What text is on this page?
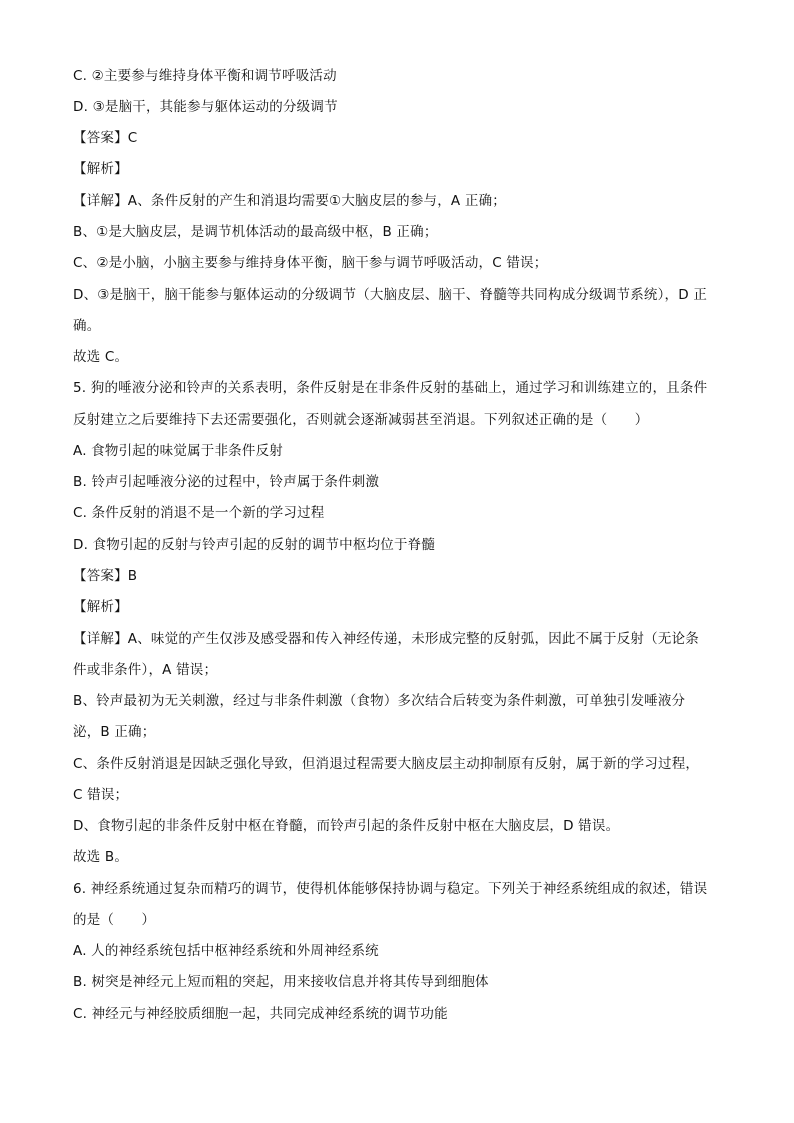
C. ②主要参与维持身体平衡和调节呼吸活动
D. ③是脑干，其能参与躯体运动的分级调节
【答案】C
【解析】
【详解】A、条件反射的产生和消退均需要①大脑皮层的参与，A 正确；
B、①是大脑皮层，是调节机体活动的最高级中枢，B 正确；
C、②是小脑，小脑主要参与维持身体平衡，脑干参与调节呼吸活动，C 错误；
D、③是脑干，脑干能参与躯体运动的分级调节（大脑皮层、脑干、脊髓等共同构成分级调节系统），D 正
确。
故选 C。
5. 狗的唾液分泌和铃声的关系表明，条件反射是在非条件反射的基础上，通过学习和训练建立的，且条件
反射建立之后要维持下去还需要强化，否则就会逐渐减弱甚至消退。下列叙述正确的是（　　）
A. 食物引起的味觉属于非条件反射
B. 铃声引起唾液分泌的过程中，铃声属于条件刺激
C. 条件反射的消退不是一个新的学习过程
D. 食物引起的反射与铃声引起的反射的调节中枢均位于脊髓
【答案】B
【解析】
【详解】A、味觉的产生仅涉及感受器和传入神经传递，未形成完整的反射弧，因此不属于反射（无论条
件或非条件），A 错误；
B、铃声最初为无关刺激，经过与非条件刺激（食物）多次结合后转变为条件刺激，可单独引发唾液分
泌，B 正确；
C、条件反射消退是因缺乏强化导致，但消退过程需要大脑皮层主动抑制原有反射，属于新的学习过程，
C 错误；
D、食物引起的非条件反射中枢在脊髓，而铃声引起的条件反射中枢在大脑皮层，D 错误。
故选 B。
6. 神经系统通过复杂而精巧的调节，使得机体能够保持协调与稳定。下列关于神经系统组成的叙述，错误
的是（　　）
A. 人的神经系统包括中枢神经系统和外周神经系统
B. 树突是神经元上短而粗的突起，用来接收信息并将其传导到细胞体
C. 神经元与神经胶质细胞一起，共同完成神经系统的调节功能
